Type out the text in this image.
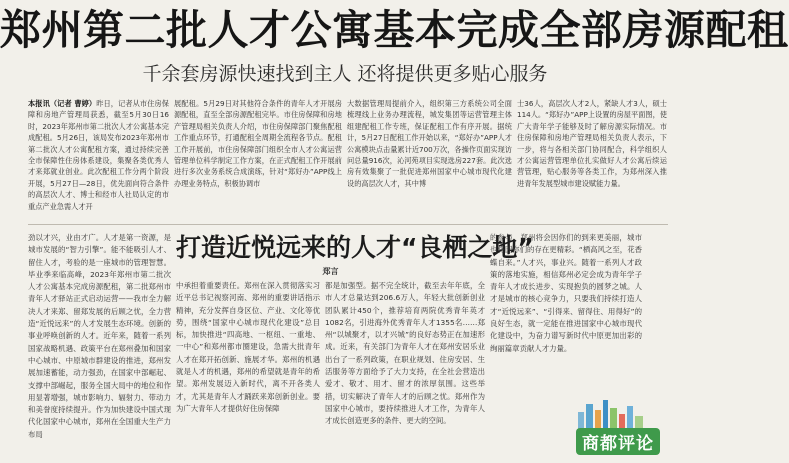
郑州第二批人才公寓基本完成全部房源配租
千余套房源快速找到主人 还将提供更多贴心服务
本报讯（记者 曹婷）昨日，记者从市住房保障和房地产管理局获悉，截至5月30日16时，2023年郑州市第二批次人才公寓基本完成配租。5月26日，该局发布2023年郑州市第二批次人才公寓配租方案，通过持续完善全市保障性住房体系建设，集聚各类优秀人才来郑就业创业。此次配租工作分两个阶段开展，5月27日—28日，优先面向符合条件的高层次人才、博士和经市人社局认定的市重点产业急需人才开
展配租。5月29日对其他符合条件的青年人才开展房源配租，直至全部房源配租完毕。市住房保障和房地产管理局相关负责人介绍，市住房保障部门聚焦配租工作重点环节，打通配租全周期全流程各节点。配租工作开展前，市住房保障部门组织全市人才公寓运营管理单位科学制定工作方案，在正式配租工作开展前进行多次业务系统合成演练，针对“郑好办”APP线上办理业务特点，积极协调市
大数据管理局提前介入，组织第三方系统公司全面梳理线上业务办理流程，城发集团等运营管理主体组建配租工作专班，保证配租工作有序开展。据统计，5月27日配租工作开始以来，“郑好办”APP人才公寓模块点击量累计近700万次，各操作页面实现访问总量916次，沁河苑项目实现选房227套。此次选房有效集聚了一批促进郑州国家中心城市现代化建设的高层次人才，其中博
士36人，高层次人才2人，紧缺人才3人，硕士114人。“郑好办”APP上设置的房屋平面图，使广大青年学子能够及时了解房源实际情况。市住房保障和房地产管理局相关负责人表示，下一步，将与各相关部门协同配合，科学组织人才公寓运营管理单位扎实做好人才公寓后续运营管理，贴心服务等各类工作，为郑州深入推进青年发展型城市建设赋能力量。
劲以才兴，业由才广。人才是第一资源，是城市发展的“智力引擎”。能不能吸引人才、留住人才，考验的是一座城市的管理智慧。毕业季来临高峰，2023年郑州市第二批次人才公寓基本完成房源配租，第二批郑州市青年人才驿站正式启动运营——我市全力解决人才来郑、留郑发展的后顾之忧，全力营造“近悦远来”的人才发展生态环境。创新的事业呼唤创新的人才。近年来，随着一系列国家战略机遇、政策平台在郑州叠加和国家中心城市、中原城市群建设的推进，郑州发展加速蓄能，动力强劲，在国家中部崛起、支撑中部崛起，服务全国大局中的地位和作用显著增强，城市影响力、辐射力、带动力和美誉度持续提升。作为加快建设中国式现代化国家中心城市，郑州在全国重大生产力布局
打造近悦远来的人才“良栖之地”
郑言
中承担着重要责任。郑州在深入贯彻落实习近平总书记视察河南、郑州的重要讲话指示精神，充分发挥自身区位、产业、文化等优势，围绕“国家中心城市现代化建设”总目标，加快推进“四高地、一枢纽、一重地、一中心”和郑州都市圈建设，急需大批青年人才在郑开拓创新、施展才华。郑州的机遇就是人才的机遇，郑州的希望就是青年的希望。郑州发展迈入新时代，离不开各类人才，尤其是青年人才踊跃来郑创新创业。要为广大青年人才提供好住房保障
都是加强型。据不完全统计，截至去年年底，全市人才总量达到206.6万人，年轻大批创新创业团队累计450个，推荐培育两院优秀青年英才1082名，引进海外优秀青年人才1355名……郑州“以城聚才，以才兴城”的良好态势正在加速形成。近来，有关部门为青年人才在郑州安居乐业出台了一系列政策，在职业规划、住房安居、生活服务等方面给予了大力支持，在全社会营造出爱才、敬才、用才、留才的浓厚氛围。这些举措，切实解决了青年人才的后顾之忧。郑州作为国家中心城市，要持续推进人才工作，为青年人才成长创造更多的条件、更大的空间。
的参与，郑州将会因你们的到来更美丽，城市也将因你们的存在更精彩。“栖高风之至，花香蝶自来。”人才兴，事业兴。随着一系列人才政策的落地实施，相信郑州必定会成为青年学子青年人才成长进步、实现抱负的圆梦之城。人才是城市的核心竞争力，只要我们持续打造人才“近悦远来”、“引得来、留得住、用得好”的良好生态，就一定能在推进国家中心城市现代化建设中，为奋力谱写新时代中原更加出彩的绚丽篇章贡献人才力量。
商都评论
